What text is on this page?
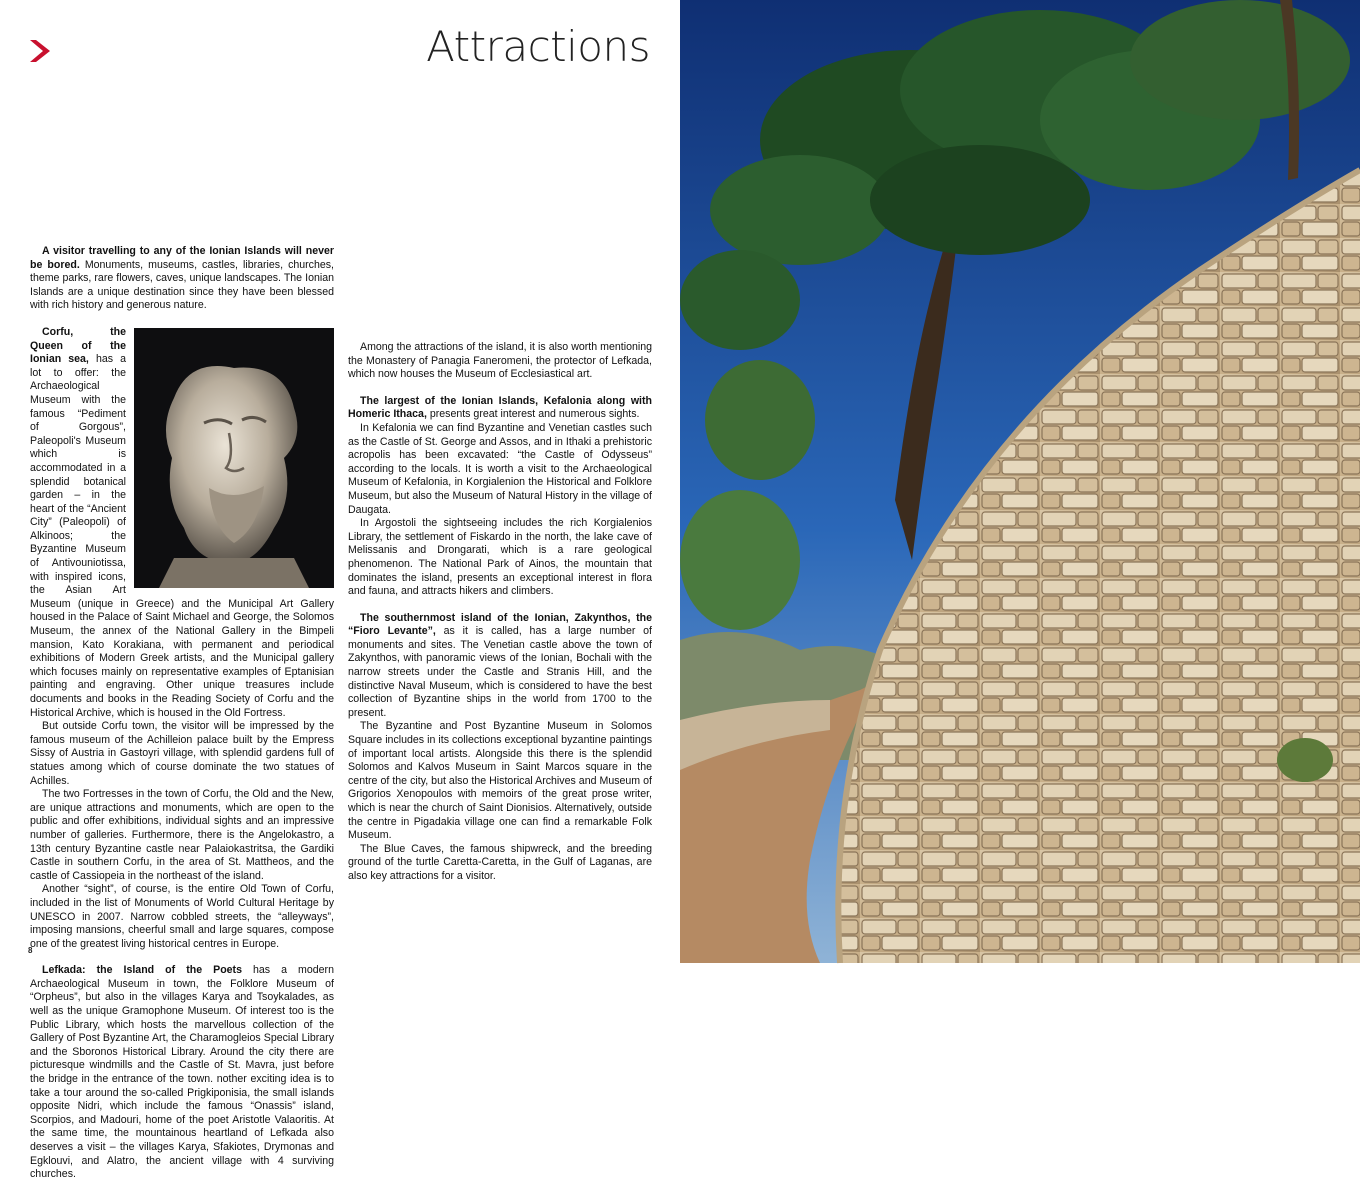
Attractions

A visitor travelling to any of the Ionian Islands will never be bored. Monuments, museums, castles, libraries, churches, theme parks, rare flowers, caves, unique landscapes. The Ionian Islands are a unique destination since they have been blessed with rich history and generous nature.

Corfu, the Queen of the Ionian sea, has a lot to offer: the Archaeological Museum with the famous “Pediment of Gorgous”, Paleopoli's Museum which is accommodated in a splendid botanical garden – in the heart of the “Ancient City” (Paleopoli) of Alkinoos; the Byzantine Museum of Antivouniotissa, with inspired icons, the Asian Art Museum (unique in Greece) and the Municipal Art Gallery housed in the Palace of Saint Michael and George, the Solomos Museum, the annex of the National Gallery in the Bimpeli mansion, Kato Korakiana, with permanent and periodical exhibitions of Modern Greek artists, and the Municipal gallery which focuses mainly on representative examples of Eptanisian painting and engraving. Other unique treasures include documents and books in the Reading Society of Corfu and the Historical Archive, which is housed in the Old Fortress.

But outside Corfu town, the visitor will be impressed by the famous museum of the Achilleion palace built by the Empress Sissy of Austria in Gastoyri village, with splendid gardens full of statues among which of course dominate the two statues of Achilles.

The two Fortresses in the town of Corfu, the Old and the New, are unique attractions and monuments, which are open to the public and offer exhibitions, individual sights and an impressive number of galleries. Furthermore, there is the Angelokastro, a 13th century Byzantine castle near Palaiokastritsa, the Gardiki Castle in southern Corfu, in the area of St. Mattheos, and the castle of Cassiopeia in the northeast of the island.

Another “sight”, of course, is the entire Old Town of Corfu, included in the list of Monuments of World Cultural Heritage by UNESCO in 2007. Narrow cobbled streets, the “alleyways”, imposing mansions, cheerful small and large squares, compose one of the greatest living historical centres in Europe.

Lefkada: the Island of the Poets has a modern Archaeological Museum in town, the Folklore Museum of “Orpheus”, but also in the villages Karya and Tsoykalades, as well as the unique Gramophone Museum. Of interest too is the Public Library, which hosts the marvellous collection of the Gallery of Post Byzantine Art, the Charamogleios Special Library and the Sboronos Historical Library. Around the city there are picturesque windmills and the Castle of St. Mavra, just before the bridge in the entrance of the town. nother exciting idea is to take a tour around the so-called Prigkiponisia, the small islands opposite Nidri, which include the famous “Onassis” island, Scorpios, and Madouri, home of the poet Aristotle Valaoritis. At the same time, the mountainous heartland of Lefkada also deserves a visit – the villages Karya, Sfakiotes, Drymonas and Egklouvi, and Alatro, the ancient village with 4 surviving churches.

Among the attractions of the island, it is also worth mentioning the Monastery of Panagia Faneromeni, the protector of Lefkada, which now houses the Museum of Ecclesiastical art.

The largest of the Ionian Islands, Kefalonia along with Homeric Ithaca, presents great interest and numerous sights.

In Kefalonia we can find Byzantine and Venetian castles such as the Castle of St. George and Assos, and in Ithaki a prehistoric acropolis has been excavated: “the Castle of Odysseus” according to the locals. It is worth a visit to the Archaeological Museum of Kefalonia, in Korgialenion the Historical and Folklore Museum, but also the Museum of Natural History in the village of Daugata.

In Argostoli the sightseeing includes the rich Korgialenios Library, the settlement of Fiskardo in the north, the lake cave of Melissanis and Drongarati, which is a rare geological phenomenon. The National Park of Ainos, the mountain that dominates the island, presents an exceptional interest in flora and fauna, and attracts hikers and climbers.

The southernmost island of the Ionian, Zakynthos, the “Fioro Levante”, as it is called, has a large number of monuments and sites. The Venetian castle above the town of Zakynthos, with panoramic views of the Ionian, Bochali with the narrow streets under the Castle and Stranis Hill, and the distinctive Naval Museum, which is considered to have the best collection of Byzantine ships in the world from 1700 to the present.

The Byzantine and Post Byzantine Museum in Solomos Square includes in its collections exceptional byzantine paintings of important local artists. Alongside this there is the splendid Solomos and Kalvos Museum in Saint Marcos square in the centre of the city, but also the Historical Archives and Museum of Grigorios Xenopoulos with memoirs of the great prose writer, which is near the church of Saint Dionisios. Alternatively, outside the centre in Pigadakia village one can find a remarkable Folk Museum.

The Blue Caves, the famous shipwreck, and the breeding ground of the turtle Caretta-Caretta, in the Gulf of Laganas, are also key attractions for a visitor.

8
